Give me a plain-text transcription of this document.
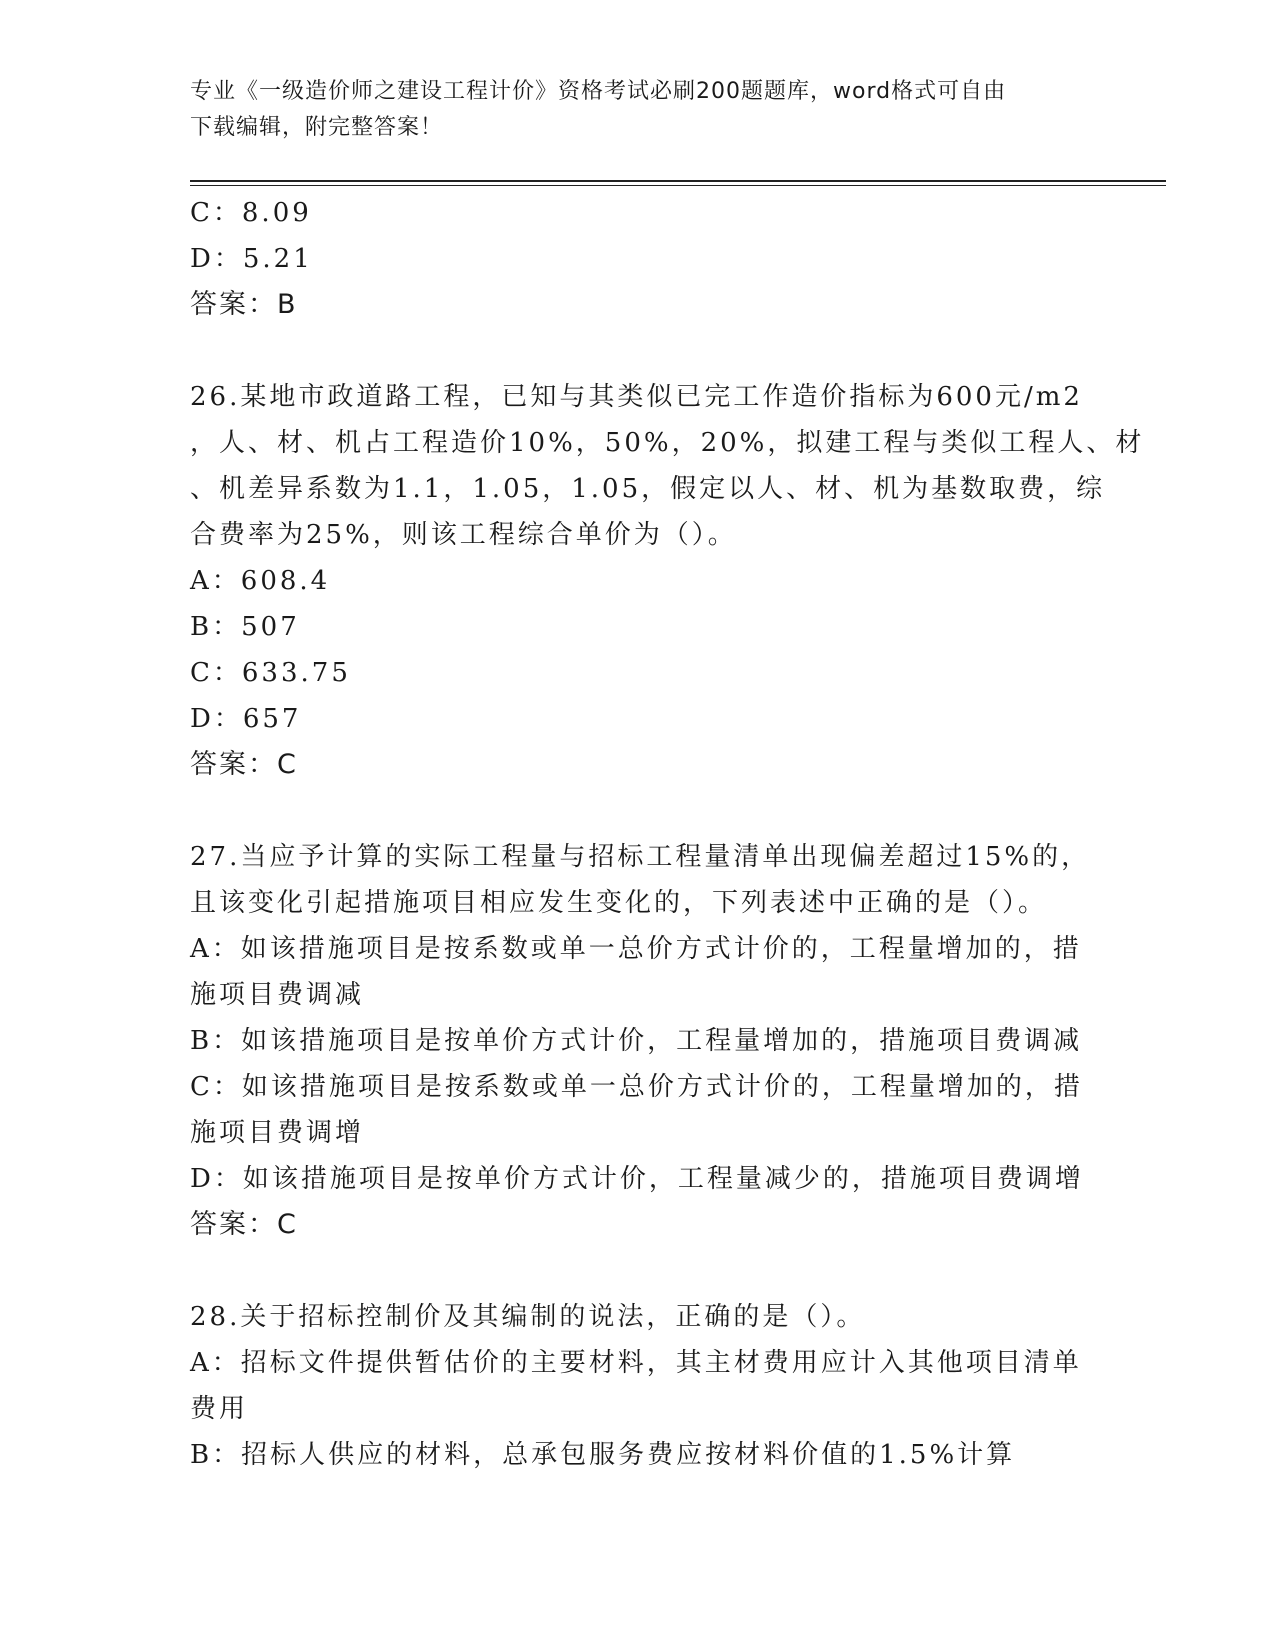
专业《一级造价师之建设工程计价》资格考试必刷200题题库，word格式可自由
下载编辑，附完整答案！
C：8.09
D：5.21
答案：B
26.某地市政道路工程，已知与其类似已完工作造价指标为600元/m2
，人、材、机占工程造价10%，50%，20%，拟建工程与类似工程人、材
、机差异系数为1.1，1.05，1.05，假定以人、材、机为基数取费，综
合费率为25%，则该工程综合单价为（）。
A：608.4
B：507
C：633.75
D：657
答案：C
27.当应予计算的实际工程量与招标工程量清单出现偏差超过15%的，
且该变化引起措施项目相应发生变化的，下列表述中正确的是（）。
A：如该措施项目是按系数或单一总价方式计价的，工程量增加的，措
施项目费调减
B：如该措施项目是按单价方式计价，工程量增加的，措施项目费调减
C：如该措施项目是按系数或单一总价方式计价的，工程量增加的，措
施项目费调增
D：如该措施项目是按单价方式计价，工程量减少的，措施项目费调增
答案：C
28.关于招标控制价及其编制的说法，正确的是（）。
A：招标文件提供暂估价的主要材料，其主材费用应计入其他项目清单
费用
B：招标人供应的材料，总承包服务费应按材料价值的1.5%计算
